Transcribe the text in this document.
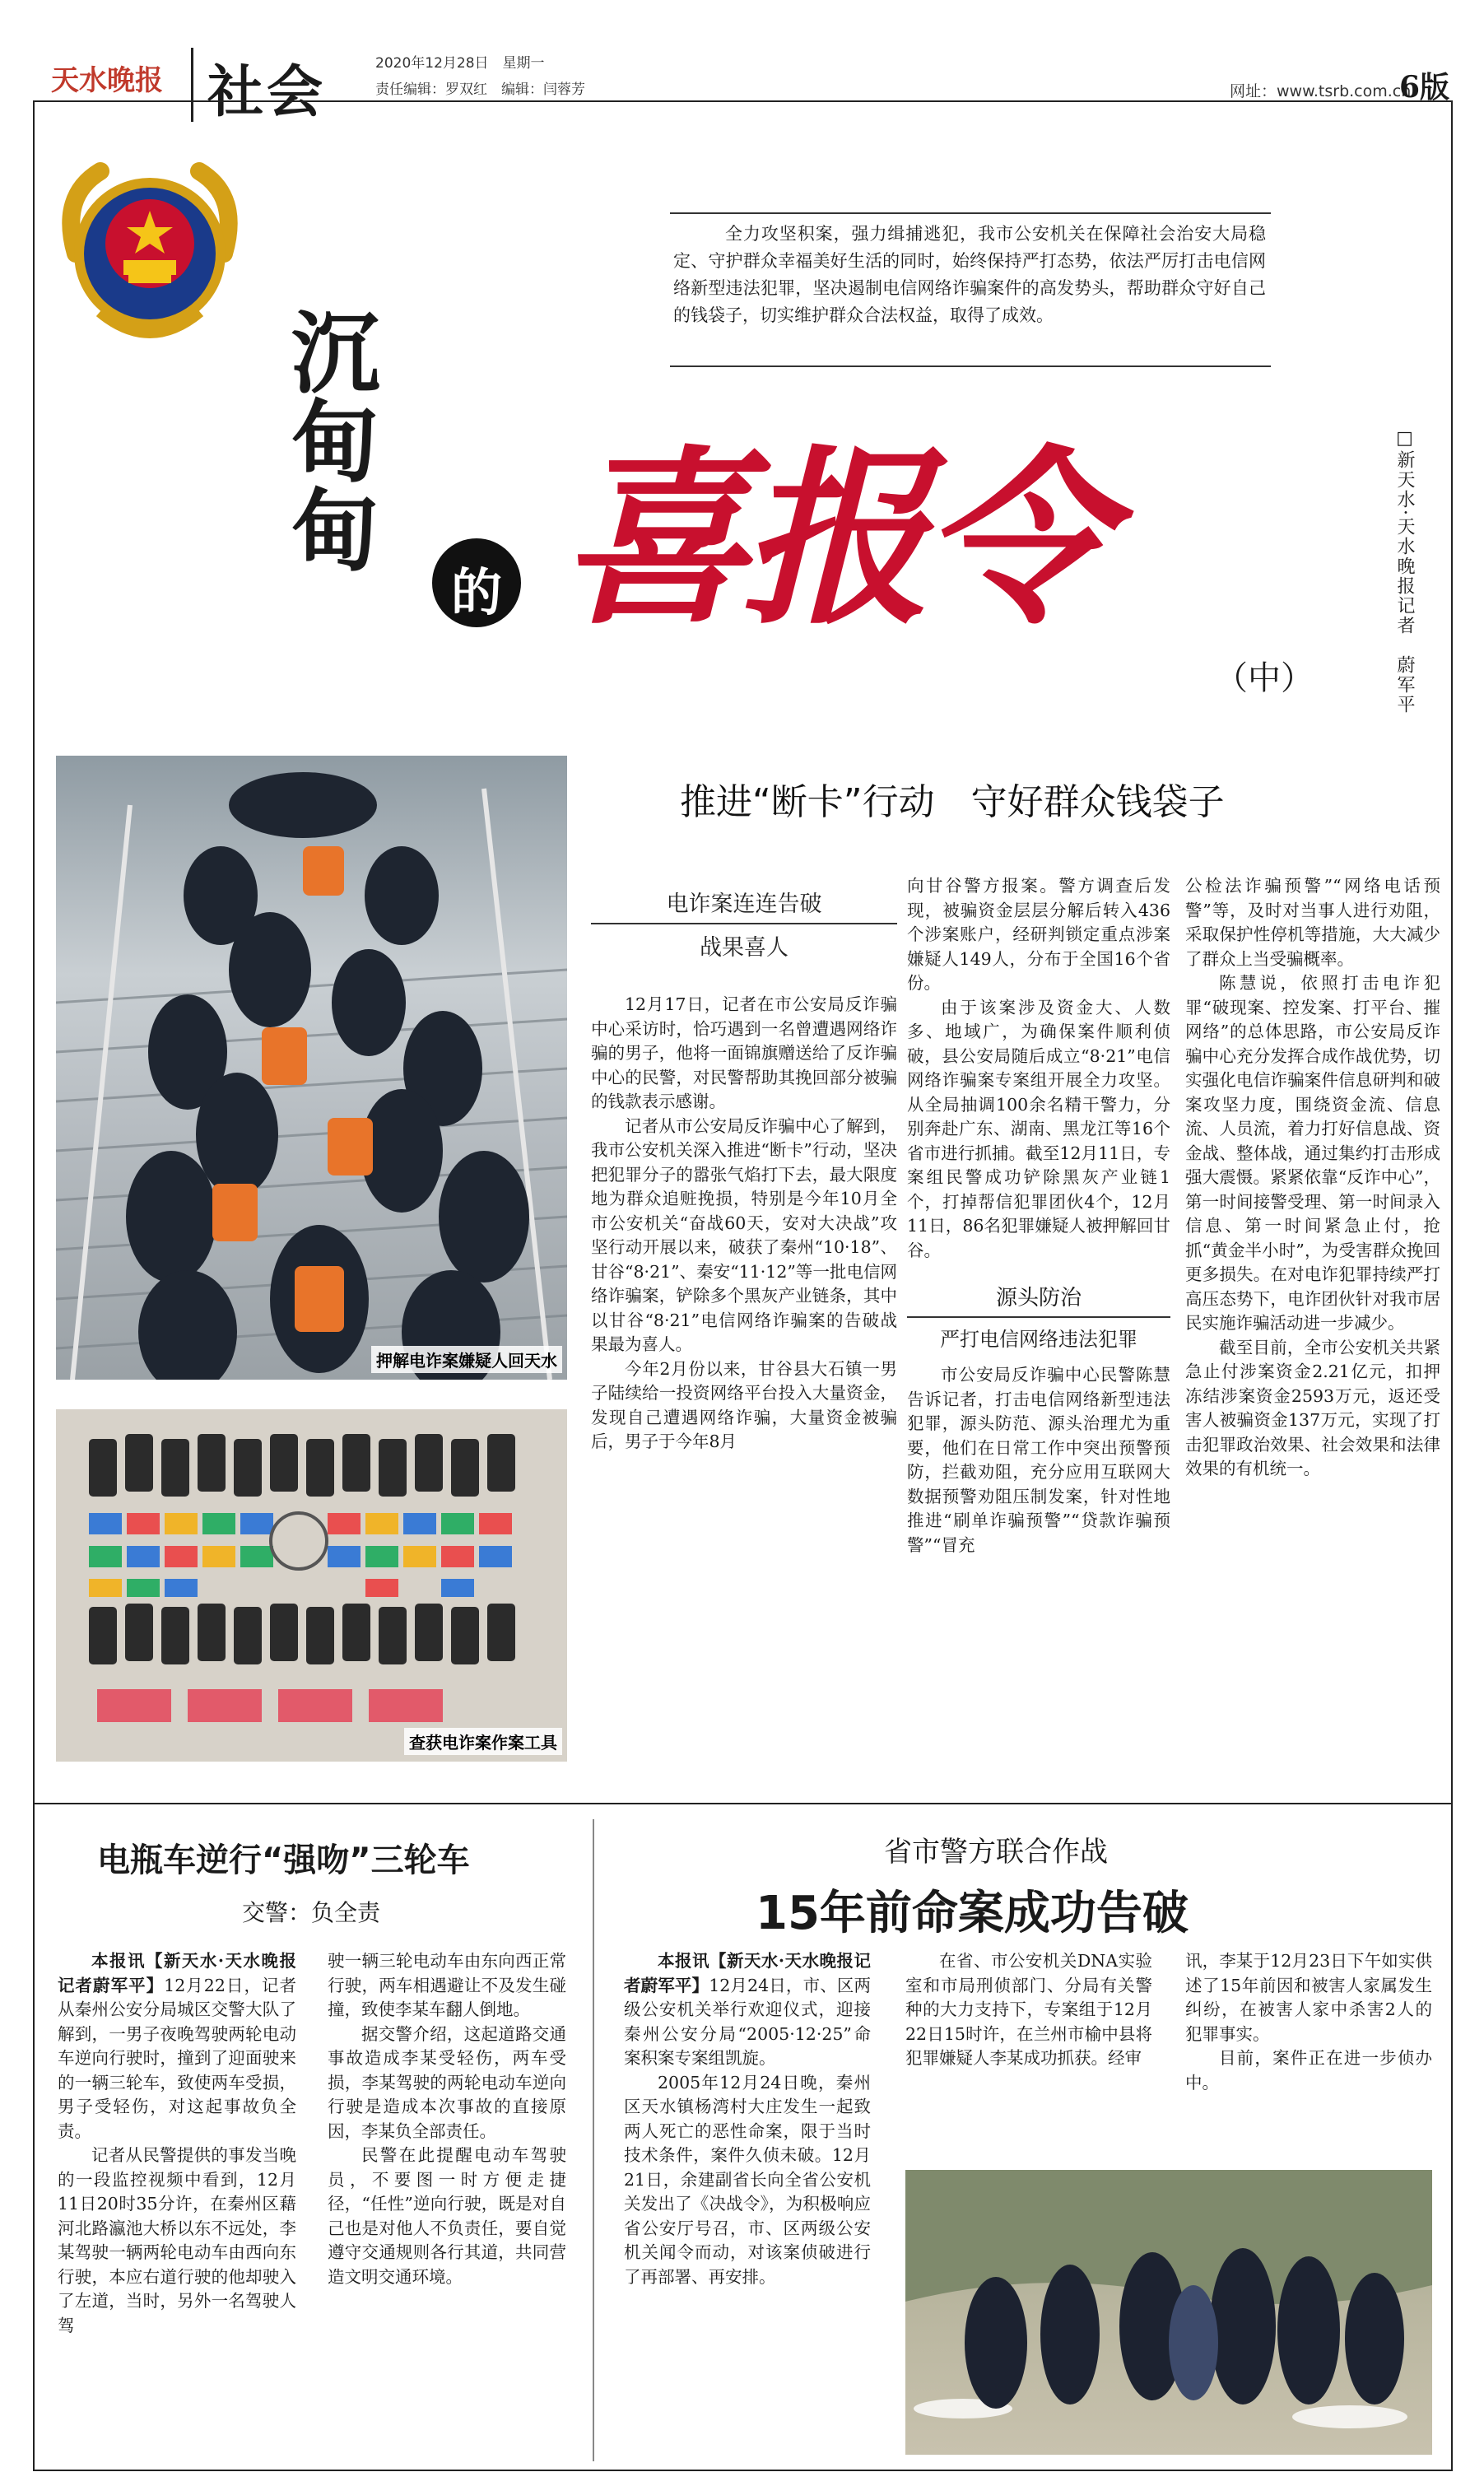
天水晚报 社会	2020年12月28日　星期一
责任编辑：罗双红　编辑：闫蓉芳	网址：www.tsrb.com.cn
6版
全力攻坚积案，强力缉捕逃犯，我市公安机关在保障社会治安大局稳定、守护群众幸福美好生活的同时，始终保持严打态势，依法严厉打击电信网络新型违法犯罪，坚决遏制电信网络诈骗案件的高发势头，帮助群众守好自己的钱袋子，切实维护群众合法权益，取得了成效。
沉甸甸
的 喜报令
（中）	□新天水·天水晚报记者　蔚军平
推进“断卡”行动　守好群众钱袋子
押解电诈案嫌疑人回天水
查获电诈案作案工具
电诈案连连告破
战果喜人

12月17日，记者在市公安局反诈骗中心采访时，恰巧遇到一名曾遭遇网络诈骗的男子，他将一面锦旗赠送给了反诈骗中心的民警，对民警帮助其挽回部分被骗的钱款表示感谢。

记者从市公安局反诈骗中心了解到，我市公安机关深入推进“断卡”行动，坚决把犯罪分子的嚣张气焰打下去，最大限度地为群众追赃挽损，特别是今年10月全市公安机关“奋战60天，安对大决战”攻坚行动开展以来，破获了秦州“10·18”、甘谷“8·21”、秦安“11·12”等一批电信网络诈骗案，铲除多个黑灰产业链条，其中以甘谷“8·21”电信网络诈骗案的告破战果最为喜人。

今年2月份以来，甘谷县大石镇一男子陆续给一投资网络平台投入大量资金，发现自己遭遇网络诈骗，大量资金被骗后，男子于今年8月

向甘谷警方报案。警方调查后发现，被骗资金层层分解后转入436个涉案账户，经研判锁定重点涉案嫌疑人149人，分布于全国16个省份。

由于该案涉及资金大、人数多、地域广，为确保案件顺利侦破，县公安局随后成立“8·21”电信网络诈骗案专案组开展全力攻坚。从全局抽调100余名精干警力，分别奔赴广东、湖南、黑龙江等16个省市进行抓捕。截至12月11日，专案组民警成功铲除黑灰产业链1个，打掉帮信犯罪团伙4个，12月11日，86名犯罪嫌疑人被押解回甘谷。

源头防治
严打电信网络违法犯罪

市公安局反诈骗中心民警陈慧告诉记者，打击电信网络新型违法犯罪，源头防范、源头治理尤为重要，他们在日常工作中突出预警预防，拦截劝阻，充分应用互联网大数据预警劝阻压制发案，针对性地推进“刷单诈骗预警”“贷款诈骗预警”“冒充

公检法诈骗预警”“网络电话预警”等，及时对当事人进行劝阻，采取保护性停机等措施，大大减少了群众上当受骗概率。

陈慧说，依照打击电诈犯罪“破现案、控发案、打平台、摧网络”的总体思路，市公安局反诈骗中心充分发挥合成作战优势，切实强化电信诈骗案件信息研判和破案攻坚力度，围绕资金流、信息流、人员流，着力打好信息战、资金战、整体战，通过集约打击形成强大震慑。紧紧依靠“反诈中心”，第一时间接警受理、第一时间录入信息、第一时间紧急止付，抢抓“黄金半小时”，为受害群众挽回更多损失。在对电诈犯罪持续严打高压态势下，电诈团伙针对我市居民实施诈骗活动进一步减少。

截至目前，全市公安机关共紧急止付涉案资金2.21亿元，扣押冻结涉案资金2593万元，返还受害人被骗资金137万元，实现了打击犯罪政治效果、社会效果和法律效果的有机统一。

电瓶车逆行“强吻”三轮车
交警：负全责

本报讯【新天水·天水晚报记者蔚军平】12月22日，记者从秦州公安分局城区交警大队了解到，一男子夜晚驾驶两轮电动车逆向行驶时，撞到了迎面驶来的一辆三轮车，致使两车受损，男子受轻伤，对这起事故负全责。

记者从民警提供的事发当晚的一段监控视频中看到，12月11日20时35分许，在秦州区藉河北路瀛池大桥以东不远处，李某驾驶一辆两轮电动车由西向东行驶，本应右道行驶的他却驶入了左道，当时，另外一名驾驶人驾

驶一辆三轮电动车由东向西正常行驶，两车相遇避让不及发生碰撞，致使李某车翻人倒地。

据交警介绍，这起道路交通事故造成李某受轻伤，两车受损，李某驾驶的两轮电动车逆向行驶是造成本次事故的直接原因，李某负全部责任。

民警在此提醒电动车驾驶员，不要图一时方便走捷径，“任性”逆向行驶，既是对自己也是对他人不负责任，要自觉遵守交通规则各行其道，共同营造文明交通环境。

省市警方联合作战
15年前命案成功告破

本报讯【新天水·天水晚报记者蔚军平】12月24日，市、区两级公安机关举行欢迎仪式，迎接秦州公安分局“2005·12·25”命案积案专案组凯旋。

2005年12月24日晚，秦州区天水镇杨湾村大庄发生一起致两人死亡的恶性命案，限于当时技术条件，案件久侦未破。12月21日，余建副省长向全省公安机关发出了《决战令》，为积极响应省公安厅号召，市、区两级公安机关闻令而动，对该案侦破进行了再部署、再安排。

在省、市公安机关DNA实验室和市局刑侦部门、分局有关警种的大力支持下，专案组于12月22日15时许，在兰州市榆中县将犯罪嫌疑人李某成功抓获。经审

讯，李某于12月23日下午如实供述了15年前因和被害人家属发生纠纷，在被害人家中杀害2人的犯罪事实。

目前，案件正在进一步侦办中。
